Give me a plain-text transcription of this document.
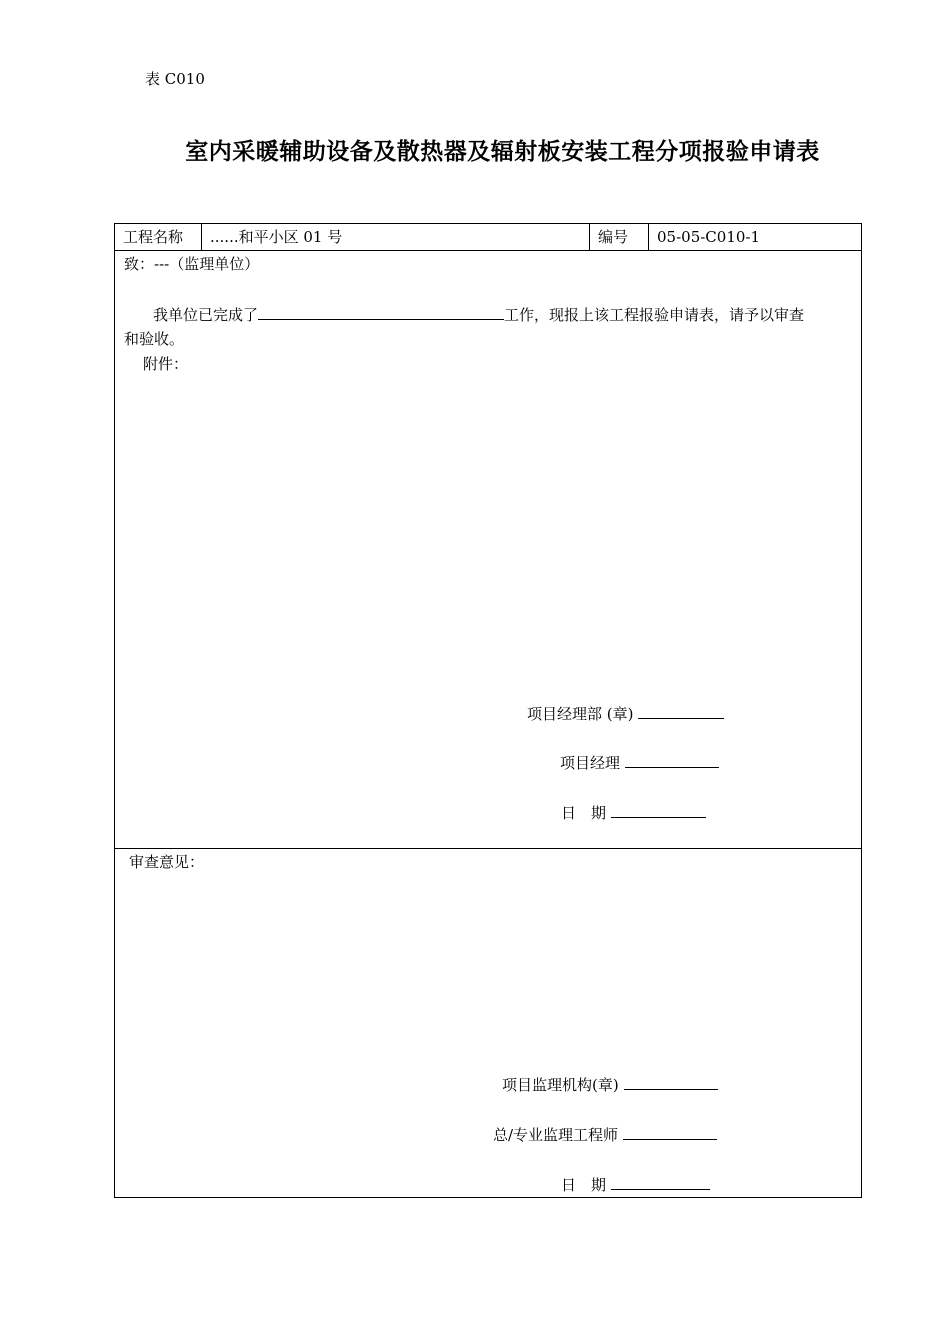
表 C010
室内采暖辅助设备及散热器及辐射板安装工程分项报验申请表
工程名称	......和平小区 01 号	编号	05-05-C010-1
致：---（监理单位）
我单位已完成了	工作，现报上该工程报验申请表，请予以审查
和验收。
附件：
项目经理部 (章)
项目经理
日　期
审查意见：
项目监理机构(章)
总/专业监理工程师
日　期
